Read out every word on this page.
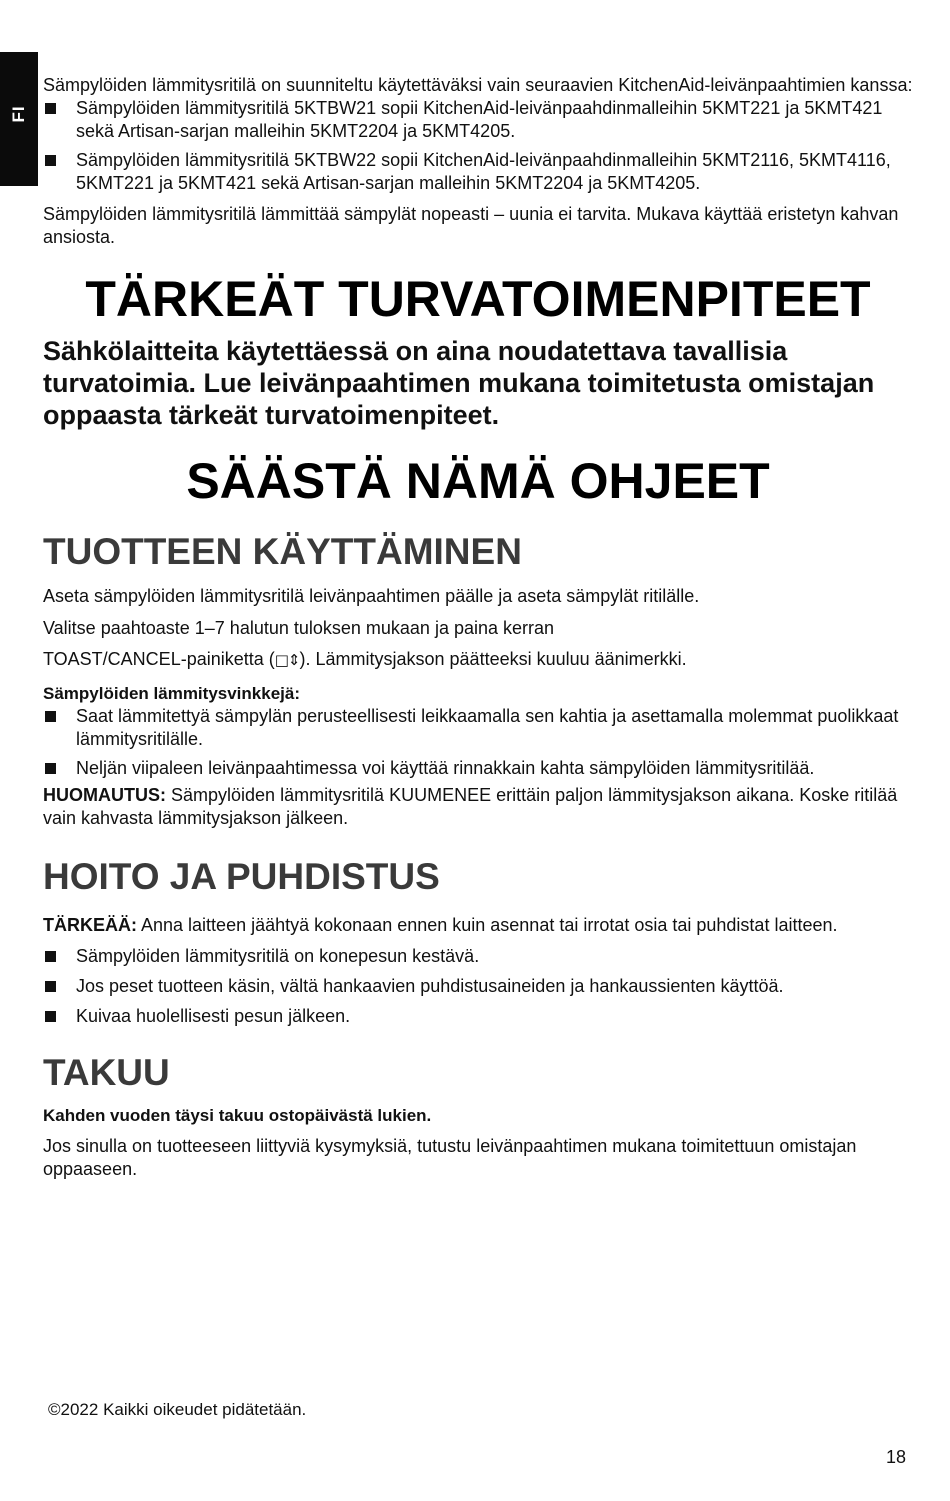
FI

Sämpylöiden lämmitysritilä on suunniteltu käytettäväksi vain seuraavien KitchenAid-leivänpaahtimien kanssa:

Sämpylöiden lämmitysritilä 5KTBW21 sopii KitchenAid-leivänpaahdinmalleihin 5KMT221 ja 5KMT421 sekä Artisan-sarjan malleihin 5KMT2204 ja 5KMT4205.
Sämpylöiden lämmitysritilä 5KTBW22 sopii KitchenAid-leivänpaahdinmalleihin 5KMT2116, 5KMT4116, 5KMT221 ja 5KMT421 sekä Artisan-sarjan malleihin 5KMT2204 ja 5KMT4205.

Sämpylöiden lämmitysritilä lämmittää sämpylät nopeasti – uunia ei tarvita. Mukava käyttää eristetyn kahvan ansiosta.

TÄRKEÄT TURVATOIMENPITEET

Sähkölaitteita käytettäessä on aina noudatettava tavallisia turvatoimia. Lue leivänpaahtimen mukana toimitetusta omistajan oppaasta tärkeät turvatoimenpiteet.

SÄÄSTÄ NÄMÄ OHJEET
TUOTTEEN KÄYTTÄMINEN

Aseta sämpylöiden lämmitysritilä leivänpaahtimen päälle ja aseta sämpylät ritilälle.

Valitse paahtoaste 1–7 halutun tuloksen mukaan ja paina kerran

TOAST/CANCEL-painiketta (□⇕). Lämmitysjakson päätteeksi kuuluu äänimerkki.

Sämpylöiden lämmitysvinkkejä:

Saat lämmitettyä sämpylän perusteellisesti leikkaamalla sen kahtia ja asettamalla molemmat puolikkaat lämmitysritilälle.
Neljän viipaleen leivänpaahtimessa voi käyttää rinnakkain kahta sämpylöiden lämmitysritilää.

HUOMAUTUS: Sämpylöiden lämmitysritilä KUUMENEE erittäin paljon lämmitysjakson aikana. Koske ritilää vain kahvasta lämmitysjakson jälkeen.

HOITO JA PUHDISTUS

TÄRKEÄÄ: Anna laitteen jäähtyä kokonaan ennen kuin asennat tai irrotat osia tai puhdistat laitteen.

Sämpylöiden lämmitysritilä on konepesun kestävä.
Jos peset tuotteen käsin, vältä hankaavien puhdistusaineiden ja hankaussienten käyttöä.
Kuivaa huolellisesti pesun jälkeen.
TAKUU

Kahden vuoden täysi takuu ostopäivästä lukien.

Jos sinulla on tuotteeseen liittyviä kysymyksiä, tutustu leivänpaahtimen mukana toimitettuun omistajan oppaaseen.

©2022 Kaikki oikeudet pidätetään.
18
